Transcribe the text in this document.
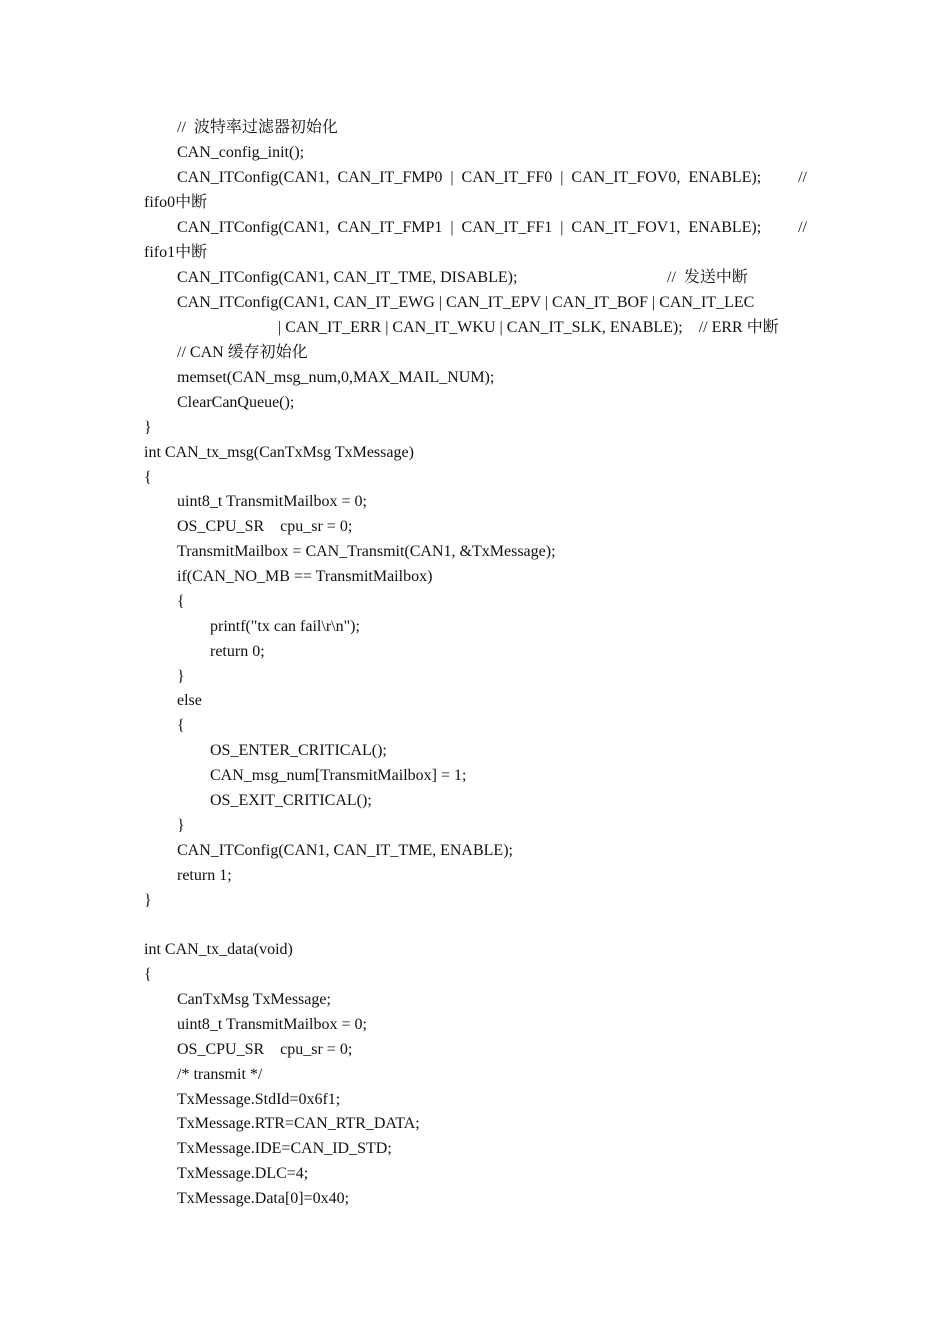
//  波特率过滤器初始化
CAN_config_init();

CAN_ITConfig(CAN1,  CAN_IT_FMP0  |  CAN_IT_FF0  |  CAN_IT_FOV0,  ENABLE);

//

fifo0中断

CAN_ITConfig(CAN1,  CAN_IT_FMP1  |  CAN_IT_FF1  |  CAN_IT_FOV1,  ENABLE);

//

fifo1中断

CAN_ITConfig(CAN1, CAN_IT_TME, DISABLE);

	//  发送中断

CAN_ITConfig(CAN1, CAN_IT_EWG | CAN_IT_EPV | CAN_IT_BOF | CAN_IT_LEC
| CAN_IT_ERR | CAN_IT_WKU | CAN_IT_SLK, ENABLE);    // ERR 中断
// CAN 缓存初始化
memset(CAN_msg_num,0,MAX_MAIL_NUM);
ClearCanQueue();
}
int CAN_tx_msg(CanTxMsg TxMessage)
{
uint8_t TransmitMailbox = 0;
OS_CPU_SR    cpu_sr = 0;
TransmitMailbox = CAN_Transmit(CAN1, &TxMessage);
if(CAN_NO_MB == TransmitMailbox)
{
printf("tx can fail\r\n");
return 0;
}
else
{
OS_ENTER_CRITICAL();
CAN_msg_num[TransmitMailbox] = 1;
OS_EXIT_CRITICAL();
}
CAN_ITConfig(CAN1, CAN_IT_TME, ENABLE);
return 1;
}
int CAN_tx_data(void)
{
CanTxMsg TxMessage;
uint8_t TransmitMailbox = 0;
OS_CPU_SR    cpu_sr = 0;
/* transmit */
TxMessage.StdId=0x6f1;
TxMessage.RTR=CAN_RTR_DATA;
TxMessage.IDE=CAN_ID_STD;
TxMessage.DLC=4;
TxMessage.Data[0]=0x40;
